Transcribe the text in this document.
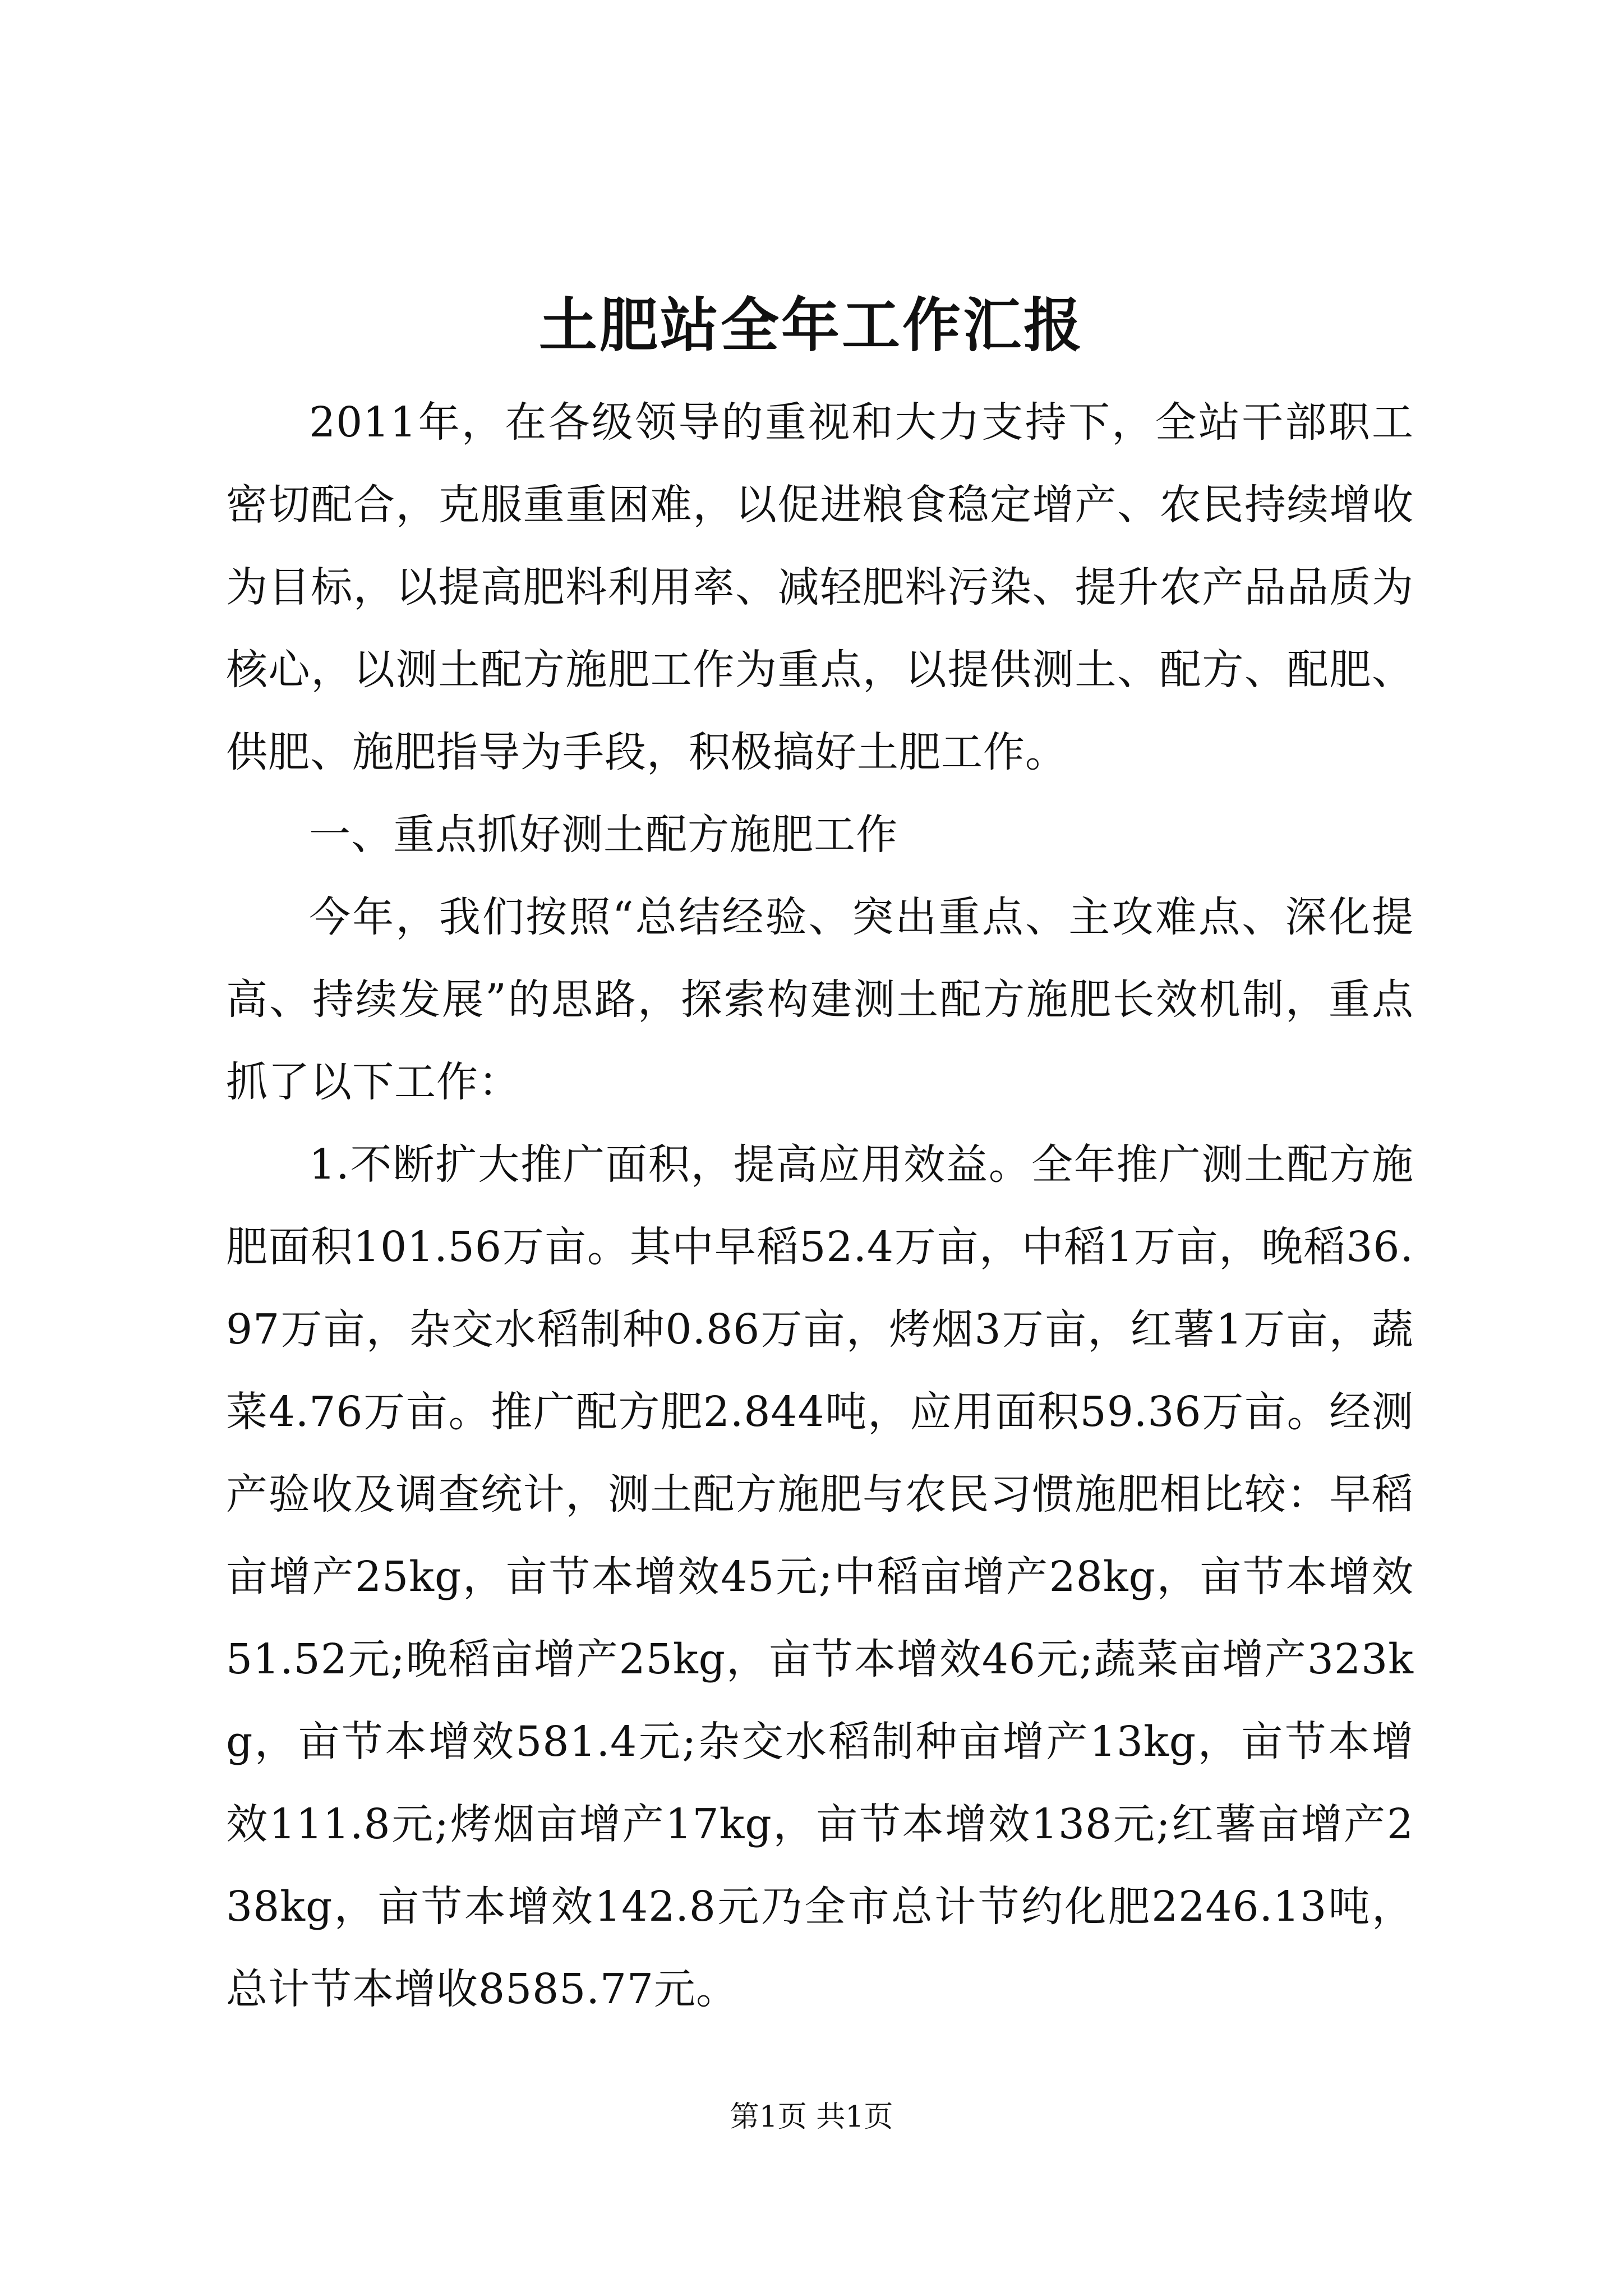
土肥站全年工作汇报

2011年，在各级领导的重视和大力支持下，全站干部职工密切配合，克服重重困难，以促进粮食稳定增产、农民持续增收为目标，以提高肥料利用率、减轻肥料污染、提升农产品品质为核心，以测土配方施肥工作为重点，以提供测土、配方、配肥、供肥、施肥指导为手段，积极搞好土肥工作。

一、重点抓好测土配方施肥工作

今年，我们按照“总结经验、突出重点、主攻难点、深化提高、持续发展”的思路，探索构建测土配方施肥长效机制，重点抓了以下工作：

1.不断扩大推广面积，提高应用效益。全年推广测土配方施肥面积101.56万亩。其中早稻52.4万亩，中稻1万亩，晚稻36.97万亩，杂交水稻制种0.86万亩，烤烟3万亩，红薯1万亩，蔬菜4.76万亩。推广配方肥2.844吨，应用面积59.36万亩。经测产验收及调查统计，测土配方施肥与农民习惯施肥相比较：早稻亩增产25kg，亩节本增效45元;中稻亩增产28kg，亩节本增效51.52元;晚稻亩增产25kg，亩节本增效46元;蔬菜亩增产323kg，亩节本增效581.4元;杂交水稻制种亩增产13kg，亩节本增效111.8元;烤烟亩增产17kg，亩节本增效138元;红薯亩增产238kg，亩节本增效142.8元乃全市总计节约化肥2246.13吨，总计节本增收8585.77元。

第1页 共1页
